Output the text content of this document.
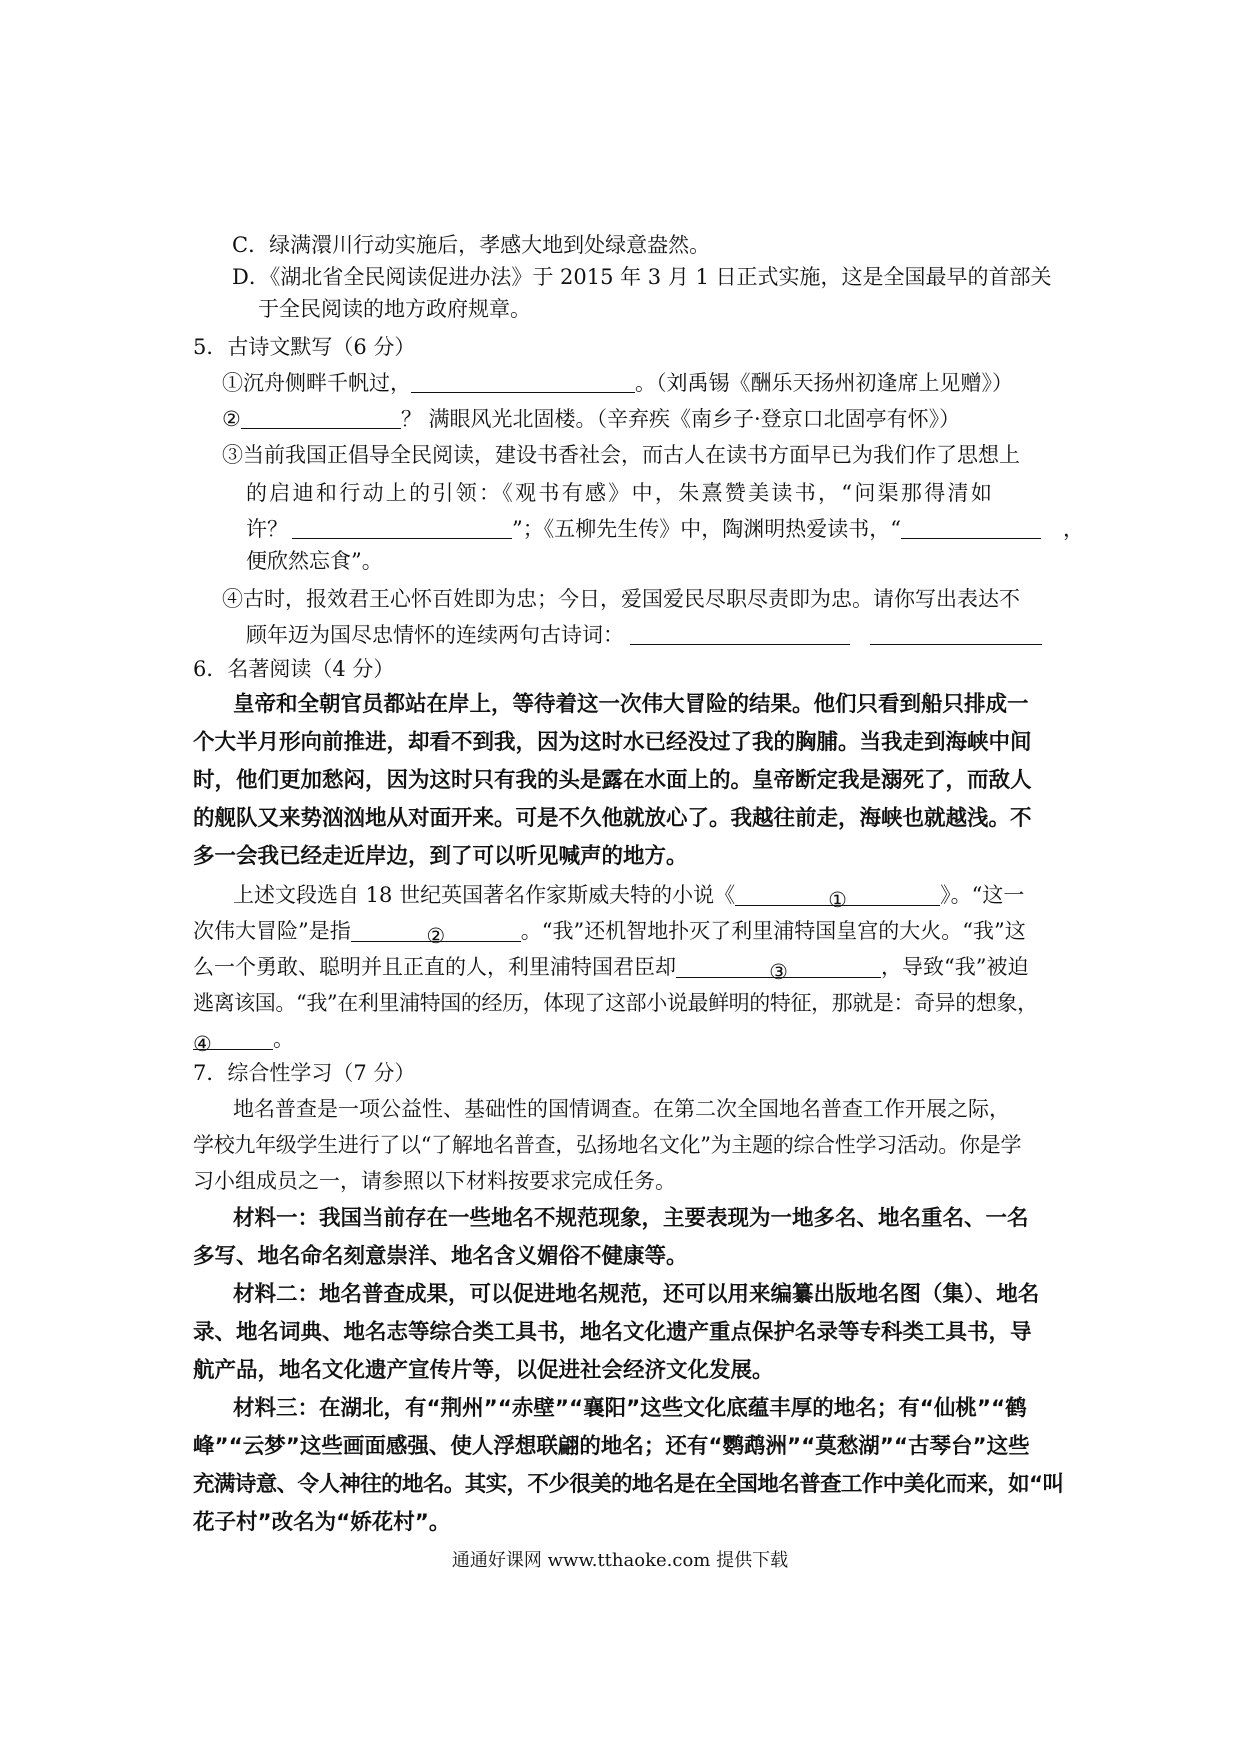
C．绿满澴川行动实施后，孝感大地到处绿意盎然。
D．《湖北省全民阅读促进办法》于 2015 年 3 月 1 日正式实施，这是全国最早的首部关
于全民阅读的地方政府规章。
5．古诗文默写（6 分）
①沉舟侧畔千帆过，	。（刘禹锡《酬乐天扬州初逢席上见赠》）
②	？ 满眼风光北固楼。（辛弃疾《南乡子·登京口北固亭有怀》）
③当前我国正倡导全民阅读，建设书香社会，而古人在读书方面早已为我们作了思想上
的启迪和行动上的引领：《观书有感》中，朱熹赞美读书，“问渠那得清如
许？	”；《五柳先生传》中，陶渊明热爱读书，“	，
便欣然忘食”。
④古时，报效君王心怀百姓即为忠；今日，爱国爱民尽职尽责即为忠。请你写出表达不
顾年迈为国尽忠情怀的连续两句古诗词：
6．名著阅读（4 分）
皇帝和全朝官员都站在岸上，等待着这一次伟大冒险的结果。他们只看到船只排成一
个大半月形向前推进，却看不到我，因为这时水已经没过了我的胸脯。当我走到海峡中间
时，他们更加愁闷，因为这时只有我的头是露在水面上的。皇帝断定我是溺死了，而敌人
的舰队又来势汹汹地从对面开来。可是不久他就放心了。我越往前走，海峡也就越浅。不
多一会我已经走近岸边，到了可以听见喊声的地方。
上述文段选自 18 世纪英国著名作家斯威夫特的小说《	①	》。“这一
次伟大冒险”是指	②	。“我”还机智地扑灭了利里浦特国皇宫的大火。“我”这
么一个勇敢、聪明并且正直的人，利里浦特国君臣却	③	，导致“我”被迫
逃离该国。“我”在利里浦特国的经历，体现了这部小说最鲜明的特征，那就是：奇异的想象，
④	。
7．综合性学习（7 分）
地名普查是一项公益性、基础性的国情调查。在第二次全国地名普查工作开展之际，
学校九年级学生进行了以“了解地名普查，弘扬地名文化”为主题的综合性学习活动。你是学
习小组成员之一，请参照以下材料按要求完成任务。
材料一：我国当前存在一些地名不规范现象，主要表现为一地多名、地名重名、一名
多写、地名命名刻意崇洋、地名含义媚俗不健康等。
材料二：地名普查成果，可以促进地名规范，还可以用来编纂出版地名图（集）、地名
录、地名词典、地名志等综合类工具书，地名文化遗产重点保护名录等专科类工具书，导
航产品，地名文化遗产宣传片等，以促进社会经济文化发展。
材料三：在湖北，有“荆州”“赤壁”“襄阳”这些文化底蕴丰厚的地名；有“仙桃”“鹤
峰”“云梦”这些画面感强、使人浮想联翩的地名；还有“鹦鹉洲”“莫愁湖”“古琴台”这些
充满诗意、令人神往的地名。其实，不少很美的地名是在全国地名普查工作中美化而来，如“叫
花子村”改名为“娇花村”。
通通好课网 www.tthaoke.com 提供下载
